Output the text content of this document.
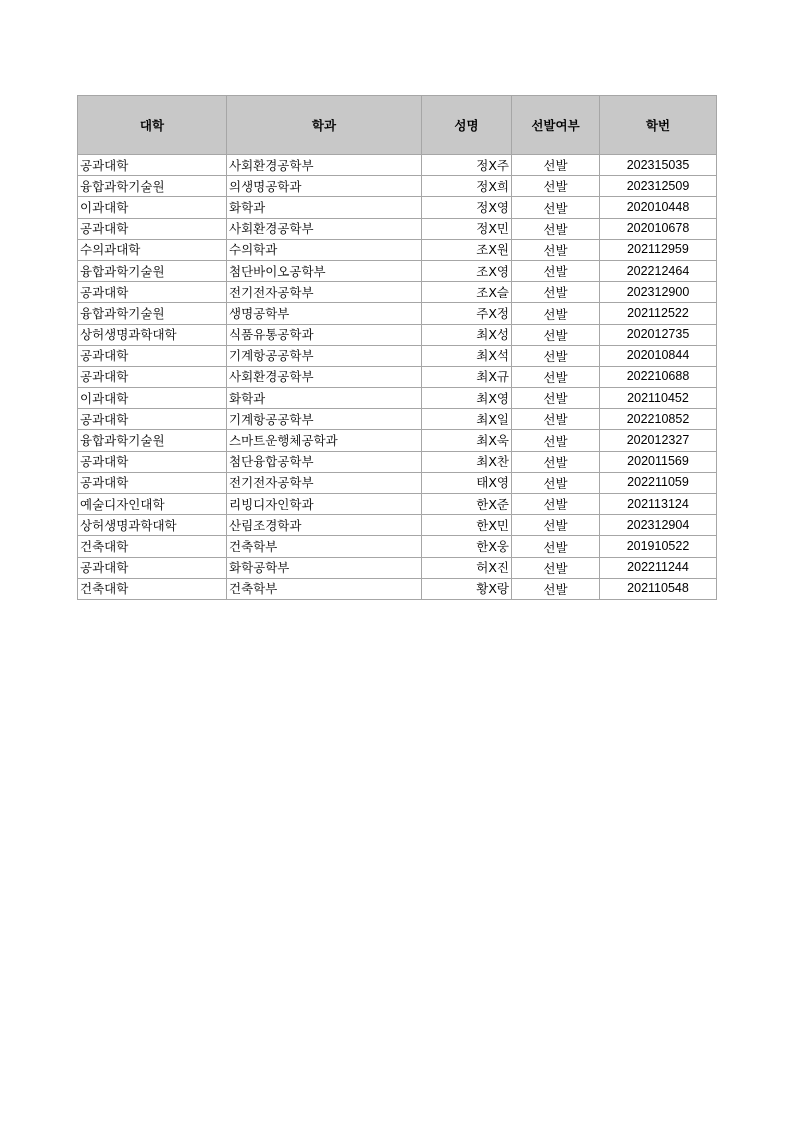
대학	학과	성명	선발여부	학번
공과대학	사회환경공학부	정X주	선발	202315035
융합과학기술원	의생명공학과	정X희	선발	202312509
이과대학	화학과	정X영	선발	202010448
공과대학	사회환경공학부	정X민	선발	202010678
수의과대학	수의학과	조X원	선발	202112959
융합과학기술원	첨단바이오공학부	조X영	선발	202212464
공과대학	전기전자공학부	조X슬	선발	202312900
융합과학기술원	생명공학부	주X정	선발	202112522
상허생명과학대학	식품유통공학과	최X성	선발	202012735
공과대학	기계항공공학부	최X석	선발	202010844
공과대학	사회환경공학부	최X규	선발	202210688
이과대학	화학과	최X영	선발	202110452
공과대학	기계항공공학부	최X일	선발	202210852
융합과학기술원	스마트운행체공학과	최X욱	선발	202012327
공과대학	첨단융합공학부	최X찬	선발	202011569
공과대학	전기전자공학부	태X영	선발	202211059
예술디자인대학	리빙디자인학과	한X준	선발	202113124
상허생명과학대학	산림조경학과	한X민	선발	202312904
건축대학	건축학부	한X웅	선발	201910522
공과대학	화학공학부	허X진	선발	202211244
건축대학	건축학부	황X랑	선발	202110548
